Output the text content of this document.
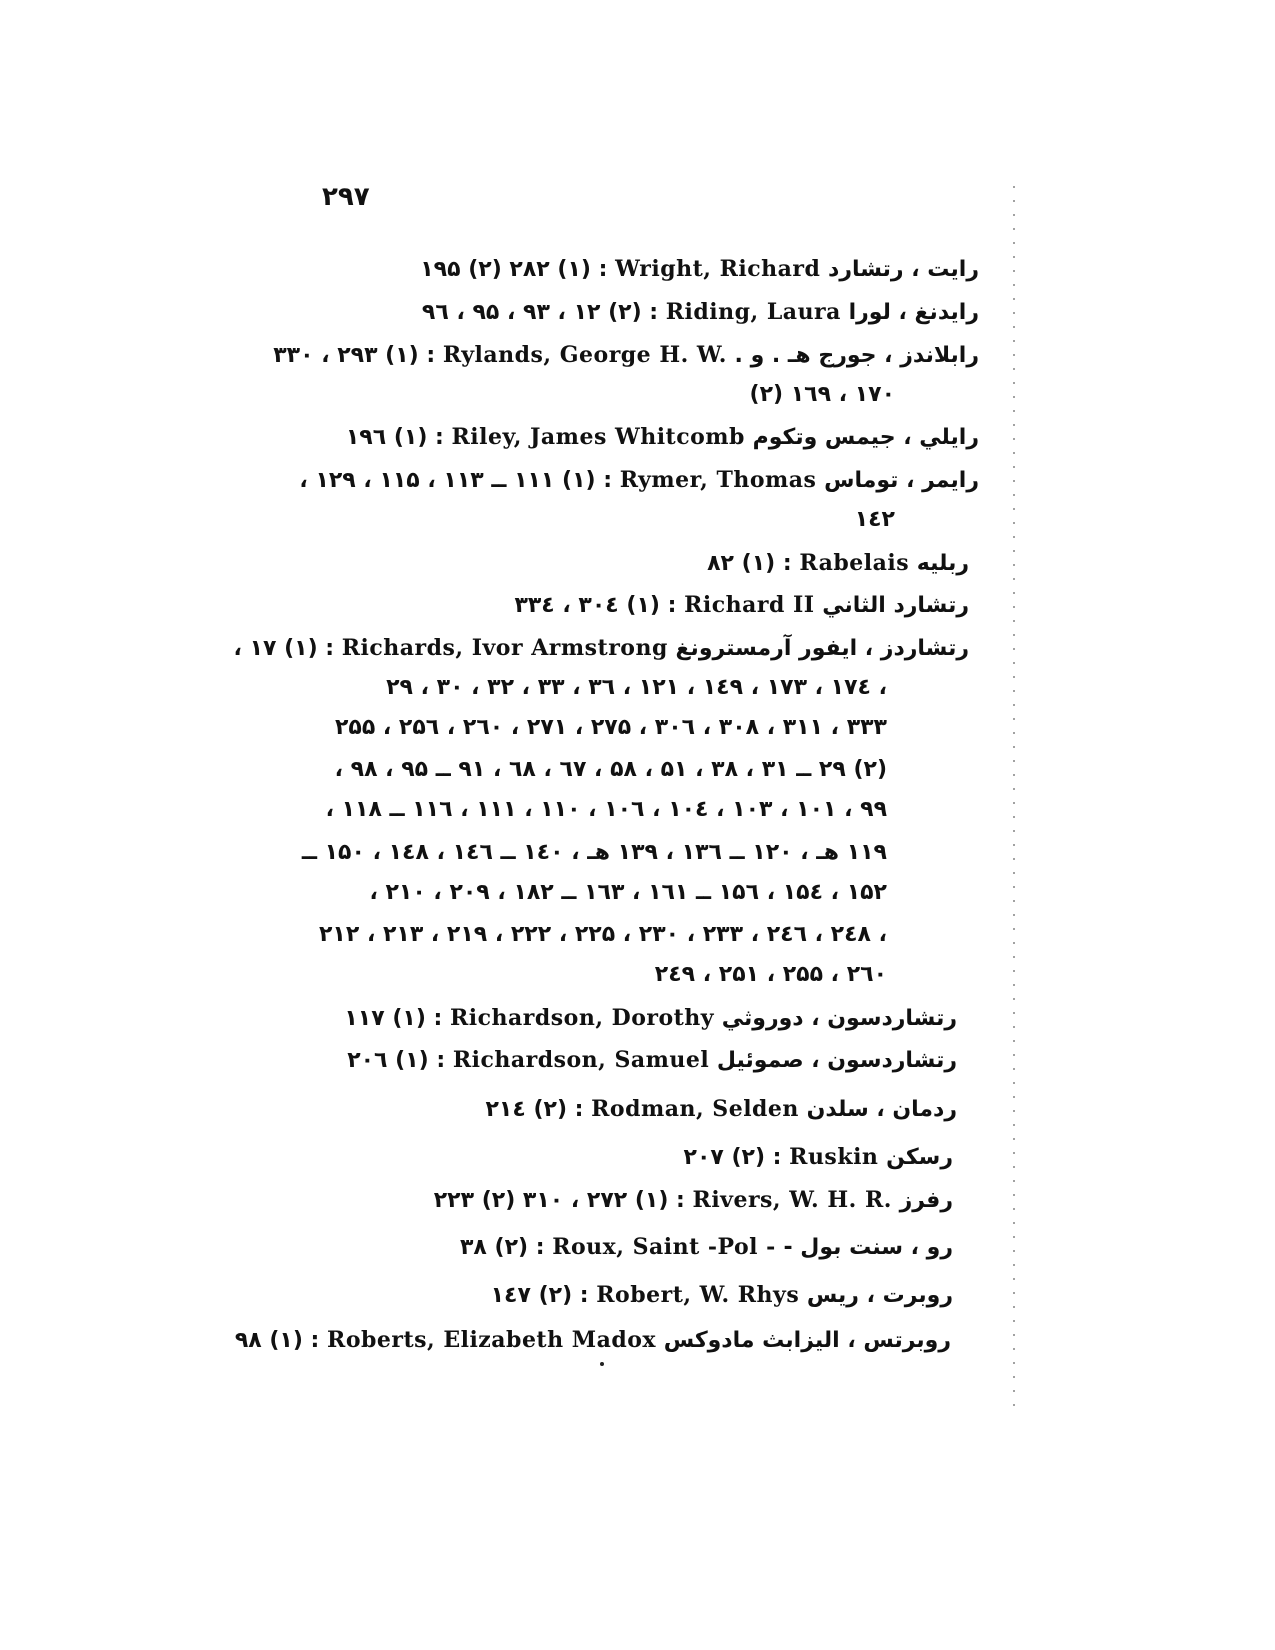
۲۹۷
رايت ، رتشارد Wright, Richard : (۱) ۲۸۲ (۲) ۱۹۵
رايدنغ ، لورا Riding, Laura : (۲) ۱۲ ، ۹۳ ، ۹۵ ، ۹٦
رابلاندز ، جورج هـ . و . Rylands, George H. W. : (۱) ۲۹۳ ، ۳۳۰
(۲) ۱٦۹ ، ۱۷۰
رايلي ، جيمس وتكوم Riley, James Whitcomb : (۱) ۱۹٦
رايمر ، توماس Rymer, Thomas : (۱) ۱۱۱ ــ ۱۱۳ ، ۱۱۵ ، ۱۲۹ ،
۱٤۲
ربليه Rabelais : (۱) ۸۲
رتشارد الثاني Richard II : (۱) ۳۰٤ ، ۳۳٤
رتشاردز ، ايفور آرمسترونغ Richards, Ivor Armstrong : (۱) ۱۷ ،
۲۹ ، ۳۰ ، ۳۲ ، ۳۳ ، ۳٦ ، ۱۲۱ ، ۱٤۹ ، ۱۷۳ ، ۱۷٤ ،
۲۵۵ ، ۲۵٦ ، ۲٦۰ ، ۲۷۱ ، ۲۷۵ ، ۳۰٦ ، ۳۰۸ ، ۳۱۱ ، ۳۳۳
(۲) ۲۹ ــ ۳۱ ، ۳۸ ، ۵۱ ، ۵۸ ، ٦۷ ، ٦۸ ، ۹۱ ــ ۹۵ ، ۹۸ ،
۹۹ ، ۱۰۱ ، ۱۰۳ ، ۱۰٤ ، ۱۰٦ ، ۱۱۰ ، ۱۱۱ ، ۱۱٦ ــ ۱۱۸ ،
۱۱۹ هـ ، ۱۲۰ ــ ۱۳٦ ، ۱۳۹ هـ ، ۱٤۰ ــ ۱٤٦ ، ۱٤۸ ، ۱۵۰ ــ
۱۵۲ ، ۱۵٤ ، ۱۵٦ ــ ۱٦۱ ، ۱٦۳ ــ ۱۸۲ ، ۲۰۹ ، ۲۱۰ ،
۲۱۲ ، ۲۱۳ ، ۲۱۹ ، ۲۲۲ ، ۲۲۵ ، ۲۳۰ ، ۲۳۳ ، ۲٤٦ ، ۲٤۸ ،
۲٤۹ ، ۲۵۱ ، ۲۵۵ ، ۲٦۰
رتشاردسون ، دوروثي Richardson, Dorothy : (۱) ۱۱۷
رتشاردسون ، صموئيل Richardson, Samuel : (۱) ۲۰٦
ردمان ، سلدن Rodman, Selden : (۲) ۲۱٤
رسكن Ruskin : (۲) ۲۰۷
رفرز Rivers, W. H. R. : (۱) ۲۷۲ ، ۳۱۰ (۲) ۲۲۳
رو ، سنت بول - Roux, Saint -Pol - : (۲) ۳۸
روبرت ، ريس Robert, W. Rhys : (۲) ۱٤۷
روبرتس ، اليزابث مادوكس Roberts, Elizabeth Madox : (۱) ۹۸
